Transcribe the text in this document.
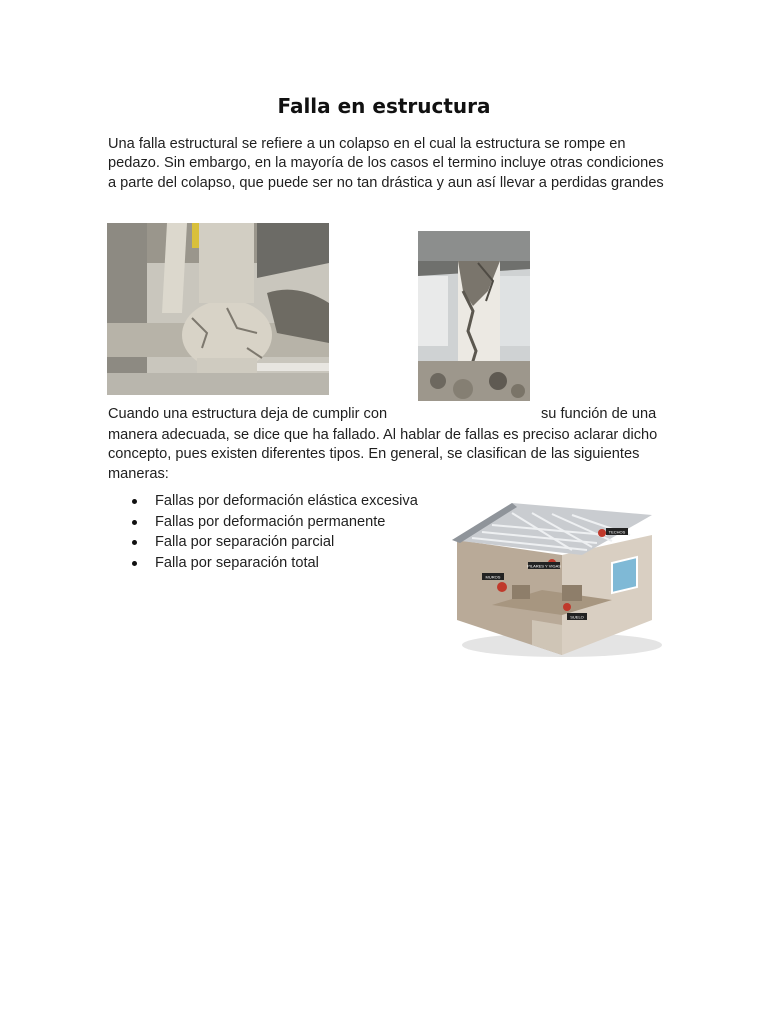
Falla en estructura
Una falla estructural se refiere a un colapso en el cual la estructura se rompe en pedazo. Sin embargo, en la mayoría de los casos el termino incluye otras condiciones a parte del colapso, que puede ser no tan drástica y aun así llevar a perdidas grandes
Cuando una estructura deja de cumplir con	su función de una
manera adecuada, se dice que ha fallado. Al hablar de fallas es preciso aclarar dicho concepto, pues existen diferentes tipos. En general, se clasifican de las siguientes maneras:
Fallas por deformación elástica excesiva
Fallas por deformación permanente
Falla por separación parcial
Falla por separación total
TECHOS
PILARES Y VIGAS
MUROS
SUELO
